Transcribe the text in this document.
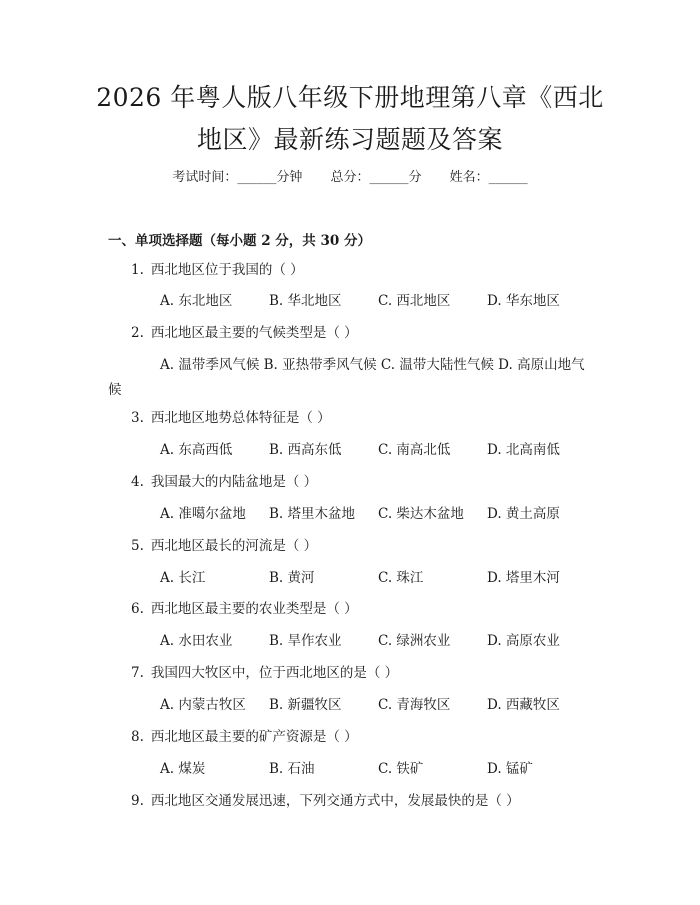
2026 年粤人版八年级下册地理第八章《西北
地区》最新练习题题及答案
考试时间：______分钟 总分：______分 姓名：______
一、单项选择题（每小题 2 分，共 30 分）
1. 西北地区位于我国的（ ）
A. 东北地区	B. 华北地区	C. 西北地区	D. 华东地区
2. 西北地区最主要的气候类型是（ ）
A. 温带季风气候 B. 亚热带季风气候 C. 温带大陆性气候 D. 高原山地气候
3. 西北地区地势总体特征是（ ）
A. 东高西低	B. 西高东低	C. 南高北低	D. 北高南低
4. 我国最大的内陆盆地是（ ）
A. 准噶尔盆地 B. 塔里木盆地 C. 柴达木盆地 D. 黄土高原
5. 西北地区最长的河流是（ ）
A. 长江	B. 黄河	C. 珠江	D. 塔里木河
6. 西北地区最主要的农业类型是（ ）
A. 水田农业	B. 旱作农业	C. 绿洲农业	D. 高原农业
7. 我国四大牧区中，位于西北地区的是（ ）
A. 内蒙古牧区 B. 新疆牧区	C. 青海牧区	D. 西藏牧区
8. 西北地区最主要的矿产资源是（ ）
A. 煤炭	B. 石油	C. 铁矿	D. 锰矿
9. 西北地区交通发展迅速，下列交通方式中，发展最快的是（ ）
